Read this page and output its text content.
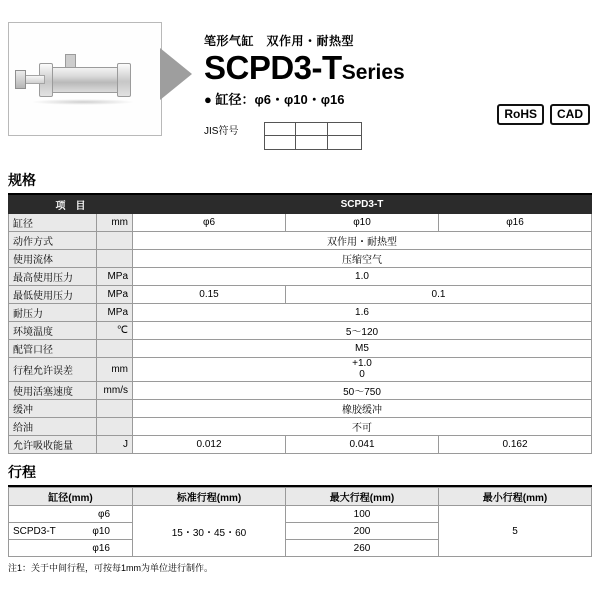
笔形气缸　双作用・耐热型
SCPD3-TSeries
● 缸径：φ6・φ10・φ16
JIS符号
RoHS	CAD
规格
项　目		SCPD3-T		
缸径	mm	φ6	φ10	φ16
动作方式		双作用・耐热型		
使用流体		压缩空气		
最高使用压力	MPa	1.0		
最低使用压力	MPa	0.15	0.1	
耐压力	MPa	1.6		
环境温度	℃	5～120		
配管口径		M5		
行程允许误差	mm	+1.0
0		

使用活塞速度	mm/s	50～750		
缓冲		橡胶缓冲		
给油		不可		
允许吸收能量	J	0.012	0.041	0.162
行程
缸径(mm)	标准行程(mm)	最大行程(mm)	最小行程(mm)
φ6	15・30・45・60	100	5

SCPD3-T φ10		200	
φ16		260	
注1：关于中间行程，可按每1mm为单位进行制作。
